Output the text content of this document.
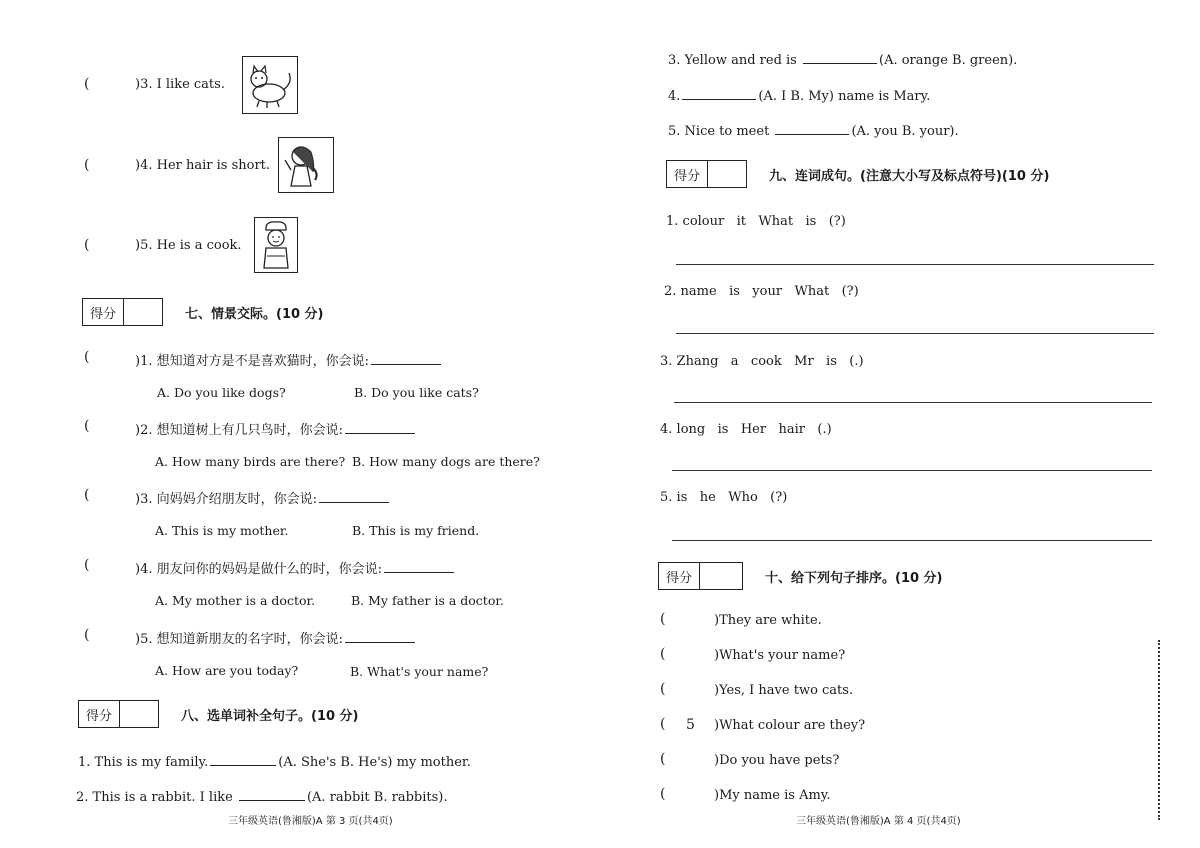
(	)3. I like cats.
(	)4. Her hair is short.
(	)5. He is a cook.
得分	七、情景交际。(10 分)
(	)1. 想知道对方是不是喜欢猫时，你会说:
A. Do you like dogs?	B. Do you like cats?
(	)2. 想知道树上有几只鸟时，你会说:
A. How many birds are there? B. How many dogs are there?
(	)3. 向妈妈介绍朋友时，你会说:
A. This is my mother.	B. This is my friend.
(	)4. 朋友问你的妈妈是做什么的时，你会说:
A. My mother is a doctor.	B. My father is a doctor.
(	)5. 想知道新朋友的名字时，你会说:
A. How are you today?	B. What's your name?
得分	八、选单词补全句子。(10 分)
1. This is my family.	(A. She's B. He's) my mother.
2. This is a rabbit. I like	(A. rabbit B. rabbits).
三年级英语(鲁湘版)A 第 3 页(共4页)
3. Yellow and red is	(A. orange B. green).
4.	(A. I B. My) name is Mary.
5. Nice to meet	(A. you B. your).
得分	九、连词成句。(注意大小写及标点符号)(10 分)
1. colour   it   What   is   (?)
2. name   is   your   What   (?)
3. Zhang   a   cook   Mr   is   (.)
4. long   is   Her   hair   (.)
5. is   he   Who   (?)
得分	十、给下列句子排序。(10 分)
(	)They are white.
(	)What's your name?
(	)Yes, I have two cats.
( 5 )What colour are they?
(	)Do you have pets?
(	)My name is Amy.
三年级英语(鲁湘版)A 第 4 页(共4页)
